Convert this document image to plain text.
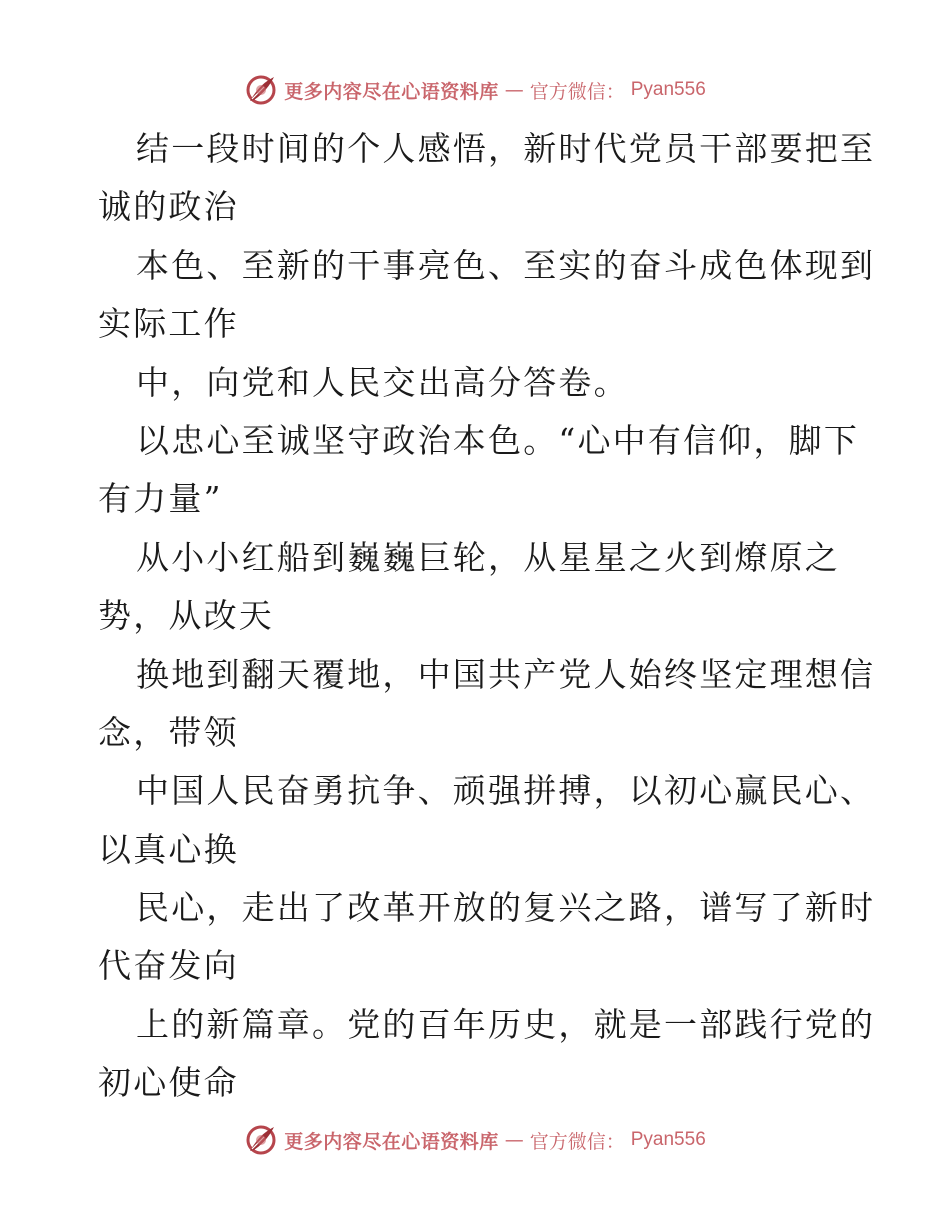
更多内容尽在心语资料库 — 官方微信： Pyan556
结一段时间的个人感悟，新时代党员干部要把至
诚的政治
本色、至新的干事亮色、至实的奋斗成色体现到
实际工作
中，向党和人民交出高分答卷。
以忠心至诚坚守政治本色。“心中有信仰，脚下
有力量”
从小小红船到巍巍巨轮，从星星之火到燎原之
势，从改天
换地到翻天覆地，中国共产党人始终坚定理想信
念，带领
中国人民奋勇抗争、顽强拼搏，以初心赢民心、
以真心换
民心，走出了改革开放的复兴之路，谱写了新时
代奋发向
上的新篇章。党的百年历史，就是一部践行党的
初心使命
更多内容尽在心语资料库 — 官方微信： Pyan556
